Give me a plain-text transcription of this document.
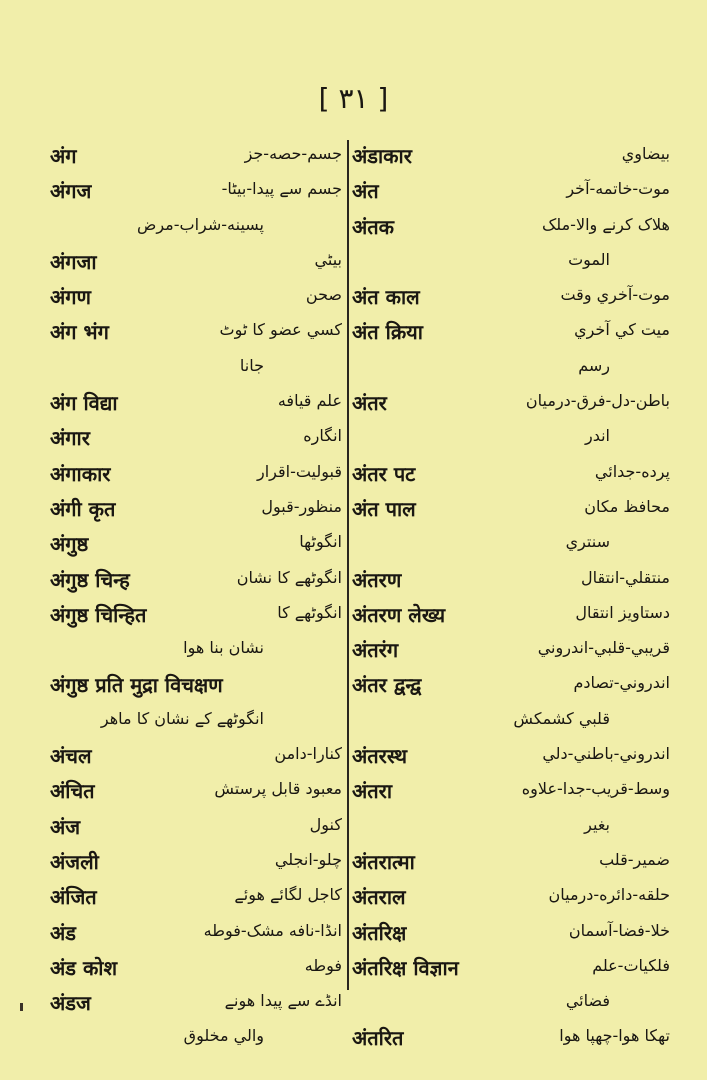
[ ٣١ ]
अंग	جسم-حصه-جز
अंगज	جسم سے پيدا-بيٹا-
پسينه-شراب-مرض
अंगजा	بيٹي
अंगण	صحن
अंग भंग	کسي عضو کا ٹوٹ
جانا
अंग विद्या	علم قيافه
अंगार	انگاره
अंगाकार	قبوليت-اقرار
अंगी कृत	منظور-قبول
अंगुष्ठ	انگوٹها
अंगुष्ठ चिन्ह	انگوٹهے کا نشان
अंगुष्ठ चिन्हित	انگوٹهے کا
نشان بنا هوا
अंगुष्ठ प्रति मुद्रा विचक्षण
انگوٹهے کے نشان کا ماهر
अंचल	کنارا-دامن
अंचित	معبود قابل پرستش
अंज	کنول
अंजली	چلو-انجلي
अंजित	کاجل لگائے هوئے
अंड	انڈا-نافه مشک-فوطه
अंड कोश	فوطه
अंडज	انڈے سے پيدا هونے
والي مخلوق
अंडाकार	بيضاوي
अंत	موت-خاتمه-آخر
अंतक	هلاک کرنے والا-ملک
الموت
अंत काल	موت-آخري وقت
अंत क्रिया	ميت کي آخري
رسم
अंतर	باطن-دل-فرق-درميان
اندر
अंतर पट	پرده-جدائي
अंत पाल	محافظ مکان
سنتري
अंतरण	منتقلي-انتقال
अंतरण लेख्य	دستاويز انتقال
अंतरंग	قريبي-قلبي-اندروني
अंतर द्वन्द्व	اندروني-تصادم
قلبي کشمکش
अंतरस्थ	اندروني-باطني-دلي
अंतरा	وسط-قريب-جدا-علاوه
بغير
अंतरात्मा	ضمير-قلب
अंतराल	حلقه-دائره-درميان
अंतरिक्ष	خلا-فضا-آسمان
अंतरिक्ष विज्ञान	فلکيات-علم
فضائي
अंतरित	تهکا هوا-چهپا هوا
